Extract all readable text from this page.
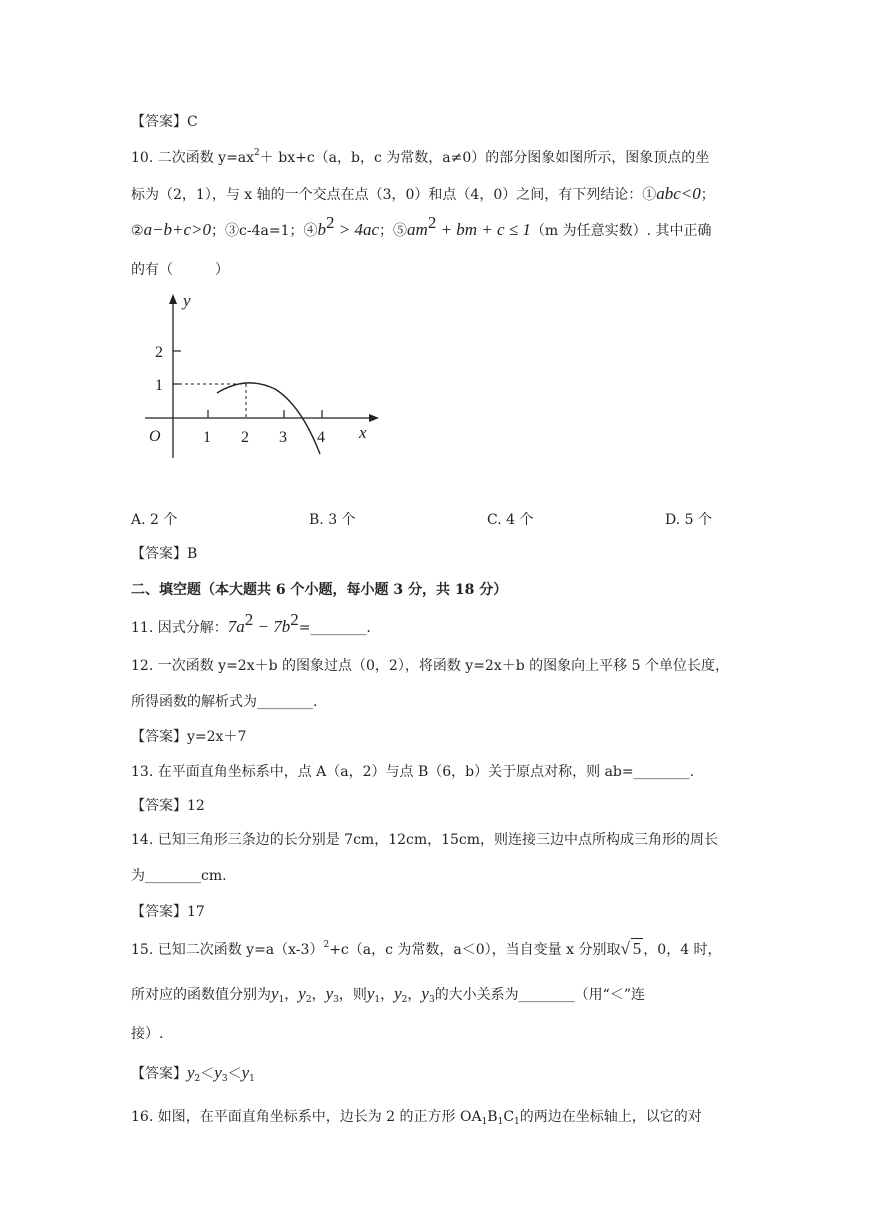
【答案】C
10. 二次函数 $y=ax^2+ bx+c(a$，b，c 为常数，a≠0）的部分图象如图所示，图象顶点的坐
标为（2，1），与 x 轴的一个交点在点（3，0）和点（4，0）之间，有下列结论：①abc<0；
②a−b+c>0；③c-4a=1；$④b^2 > 4ac$；$⑤am^2$ + bm + c ≤ 1（m 为任意实数）. 其中正确
的有（　　　）
y
x
O
2
1
1 2 3 4
A. 2 个	B. 3 个	C. 4 个	D. 5 个
【答案】B
二、填空题（本大题共 6 个小题，每小题 3 分，共 18 分）
11. 因式分解：$7a^2$ − $7b^2=\_\_\_\_\_\_\_\_$.
12. 一次函数 y=2x＋b 的图象过点（0，2），将函数 y=2x＋b 的图象向上平移 5 个单位长度，
所得函数的解析式为________.
【答案】y=2x＋7
13. 在平面直角坐标系中，点 A（a，2）与点 B（6，b）关于原点对称，则 ab=________.
【答案】12
14. 已知三角形三条边的长分别是 7cm，12cm，15cm，则连接三边中点所构成三角形的周长
为________cm.
【答案】17
15. 已知二次函数 $y=a(x-3)^2+c(a$，c 为常数，a＜0），当自变量 x 分别取√ 5 ，0，4 时，
所对应的函数值分别为$y_1$，$y_2$，$y_3$，则$y_1$，$y_2$，$y_3$的大小关系为________（用“＜”连
接）.
【答案】$y_2<y_3<y_1$
16. 如图，在平面直角坐标系中，边长为 2 的正方形 $OA_1B_1C_1$的两边在坐标轴上，以它的对
